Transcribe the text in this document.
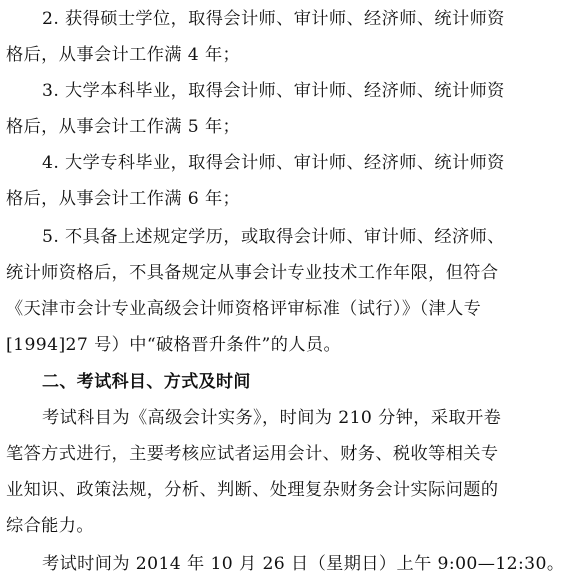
2. 获得硕士学位，取得会计师、审计师、经济师、统计师资
格后，从事会计工作满 4 年；
3. 大学本科毕业，取得会计师、审计师、经济师、统计师资
格后，从事会计工作满 5 年；
4. 大学专科毕业，取得会计师、审计师、经济师、统计师资
格后，从事会计工作满 6 年；
5. 不具备上述规定学历，或取得会计师、审计师、经济师、
统计师资格后，不具备规定从事会计专业技术工作年限，但符合
《天津市会计专业高级会计师资格评审标准（试行）》（津人专
[1994]27 号）中“破格晋升条件”的人员。
二、考试科目、方式及时间
考试科目为《高级会计实务》，时间为 210 分钟，采取开卷
笔答方式进行，主要考核应试者运用会计、财务、税收等相关专
业知识、政策法规，分析、判断、处理复杂财务会计实际问题的
综合能力。
考试时间为 2014 年 10 月 26 日（星期日）上午 9:00—12:30。
